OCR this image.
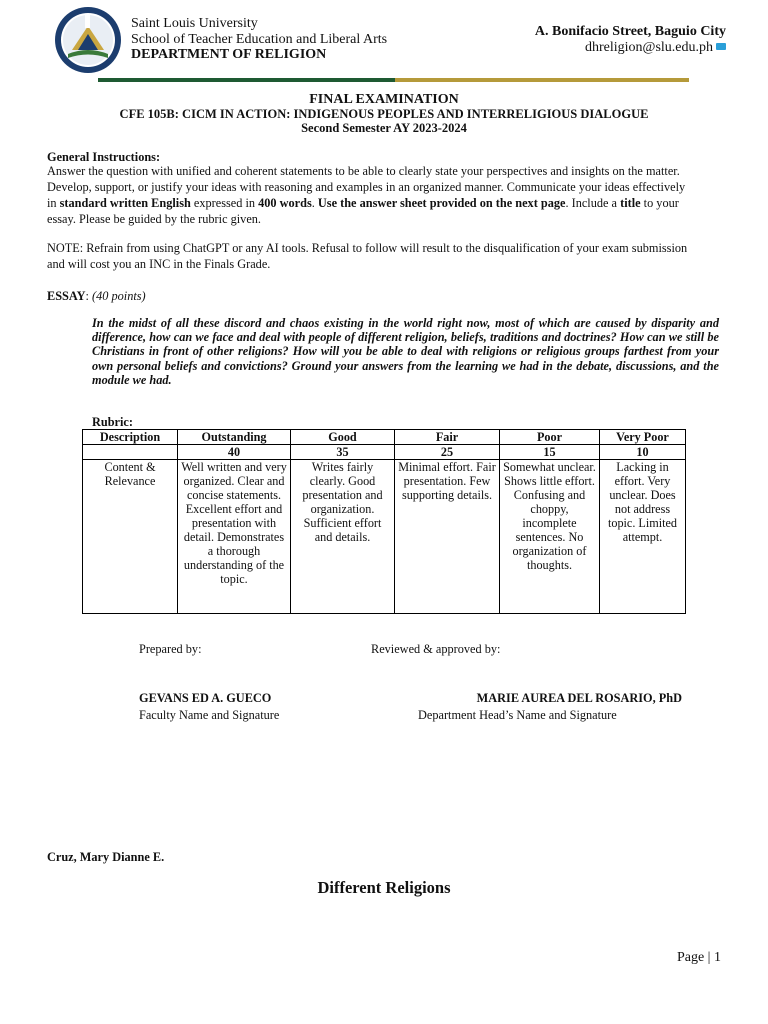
Saint Louis University
School of Teacher Education and Liberal Arts
DEPARTMENT OF RELIGION
A. Bonifacio Street, Baguio City
dhreligion@slu.edu.ph
FINAL EXAMINATION
CFE 105B: CICM IN ACTION: INDIGENOUS PEOPLES AND INTERRELIGIOUS DIALOGUE
Second Semester AY 2023-2024
General Instructions:
Answer the question with unified and coherent statements to be able to clearly state your perspectives and insights on the matter.
Develop, support, or justify your ideas with reasoning and examples in an organized manner. Communicate your ideas effectively
in standard written English expressed in 400 words. Use the answer sheet provided on the next page. Include a title to your
essay. Please be guided by the rubric given.
NOTE: Refrain from using ChatGPT or any AI tools. Refusal to follow will result to the disqualification of your exam submission
and will cost you an INC in the Finals Grade.
ESSAY: (40 points)
In the midst of all these discord and chaos existing in the world right now, most of which are caused by disparity and difference, how can we face and deal with people of different religion, beliefs, traditions and doctrines? How can we still be Christians in front of other religions? How will you be able to deal with religions or religious groups farthest from your own personal beliefs and convictions? Ground your answers from the learning we had in the debate, discussions, and the module we had.
Rubric:
Description	Outstanding	Good	Fair	Poor	Very Poor
	40	35	25	15	10
Content & Relevance	Well written and very organized. Clear and concise statements. Excellent effort and presentation with detail. Demonstrates a thorough understanding of the topic.	Writes fairly clearly. Good presentation and organization. Sufficient effort and details.	Minimal effort. Fair presentation. Few supporting details.	Somewhat unclear. Shows little effort. Confusing and choppy, incomplete sentences. No organization of thoughts.	Lacking in effort. Very unclear. Does not address topic. Limited attempt.
Prepared by:	Reviewed & approved by:
GEVANS ED A. GUECO
Faculty Name and Signature
MARIE AUREA DEL ROSARIO, PhD
Department Head’s Name and Signature
Cruz, Mary Dianne E.
Different Religions
Page | 1
